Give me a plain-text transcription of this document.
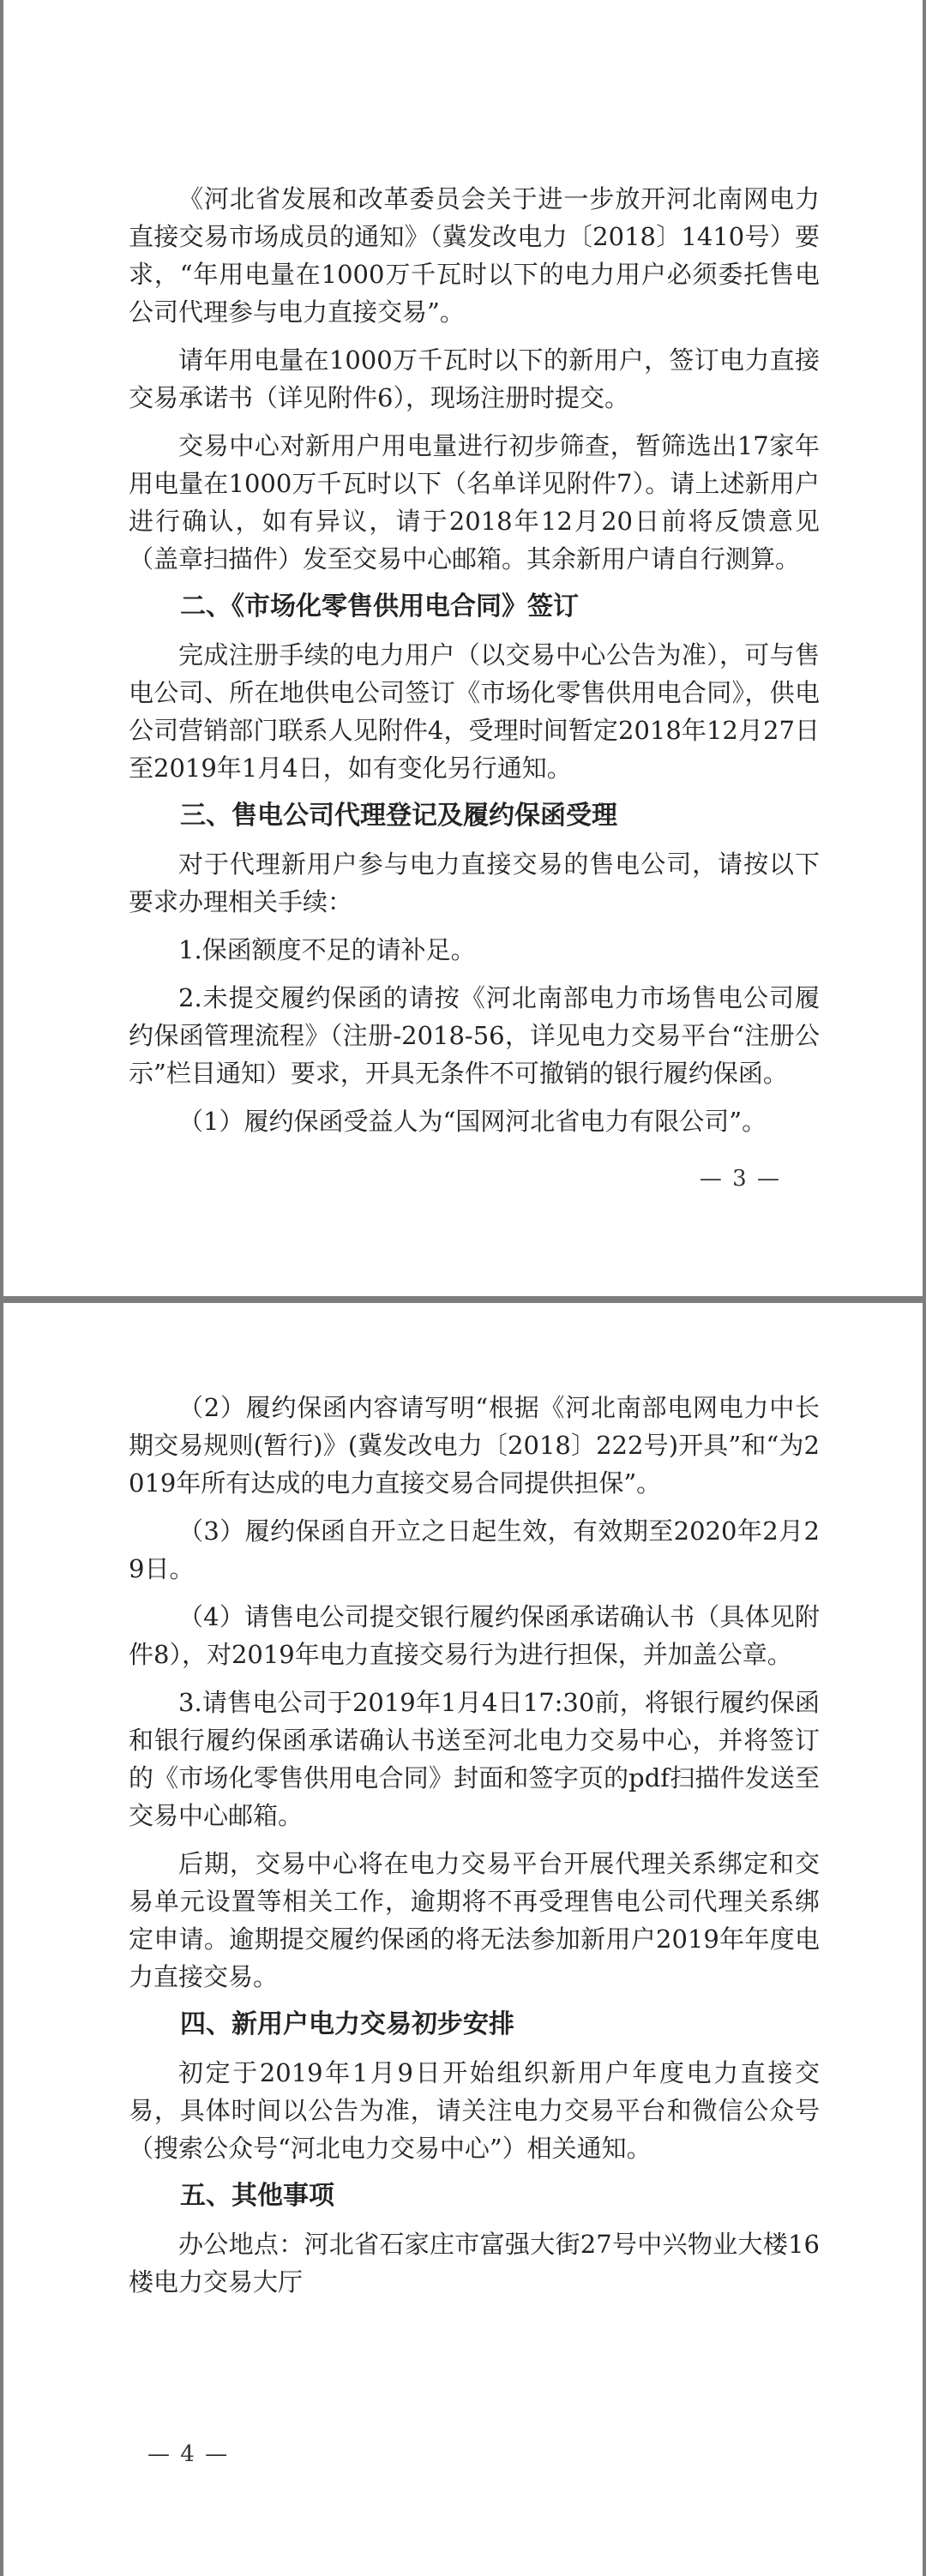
《河北省发展和改革委员会关于进一步放开河北南网电力直接交易市场成员的通知》（冀发改电力〔2018〕1410号）要求，“年用电量在1000万千瓦时以下的电力用户必须委托售电公司代理参与电力直接交易”。

请年用电量在1000万千瓦时以下的新用户，签订电力直接交易承诺书（详见附件6），现场注册时提交。

交易中心对新用户用电量进行初步筛查，暂筛选出17家年用电量在1000万千瓦时以下（名单详见附件7）。请上述新用户进行确认，如有异议，请于2018年12月20日前将反馈意见（盖章扫描件）发至交易中心邮箱。其余新用户请自行测算。

二、《市场化零售供用电合同》签订

完成注册手续的电力用户（以交易中心公告为准），可与售电公司、所在地供电公司签订《市场化零售供用电合同》，供电公司营销部门联系人见附件4，受理时间暂定2018年12月27日至2019年1月4日，如有变化另行通知。

三、售电公司代理登记及履约保函受理

对于代理新用户参与电力直接交易的售电公司，请按以下要求办理相关手续：

1.保函额度不足的请补足。

2.未提交履约保函的请按《河北南部电力市场售电公司履约保函管理流程》（注册-2018-56，详见电力交易平台“注册公示”栏目通知）要求，开具无条件不可撤销的银行履约保函。

（1）履约保函受益人为“国网河北省电力有限公司”。

— 3 —

（2）履约保函内容请写明“根据《河北南部电网电力中长期交易规则(暂行)》(冀发改电力〔2018〕222号)开具”和“为2019年所有达成的电力直接交易合同提供担保”。

（3）履约保函自开立之日起生效，有效期至2020年2月29日。

（4）请售电公司提交银行履约保函承诺确认书（具体见附件8），对2019年电力直接交易行为进行担保，并加盖公章。

3.请售电公司于2019年1月4日17:30前，将银行履约保函和银行履约保函承诺确认书送至河北电力交易中心，并将签订的《市场化零售供用电合同》封面和签字页的pdf扫描件发送至交易中心邮箱。

后期，交易中心将在电力交易平台开展代理关系绑定和交易单元设置等相关工作，逾期将不再受理售电公司代理关系绑定申请。逾期提交履约保函的将无法参加新用户2019年年度电力直接交易。

四、新用户电力交易初步安排

初定于2019年1月9日开始组织新用户年度电力直接交易，具体时间以公告为准，请关注电力交易平台和微信公众号（搜索公众号“河北电力交易中心”）相关通知。

五、其他事项

办公地点：河北省石家庄市富强大街27号中兴物业大楼16楼电力交易大厅

— 4 —
